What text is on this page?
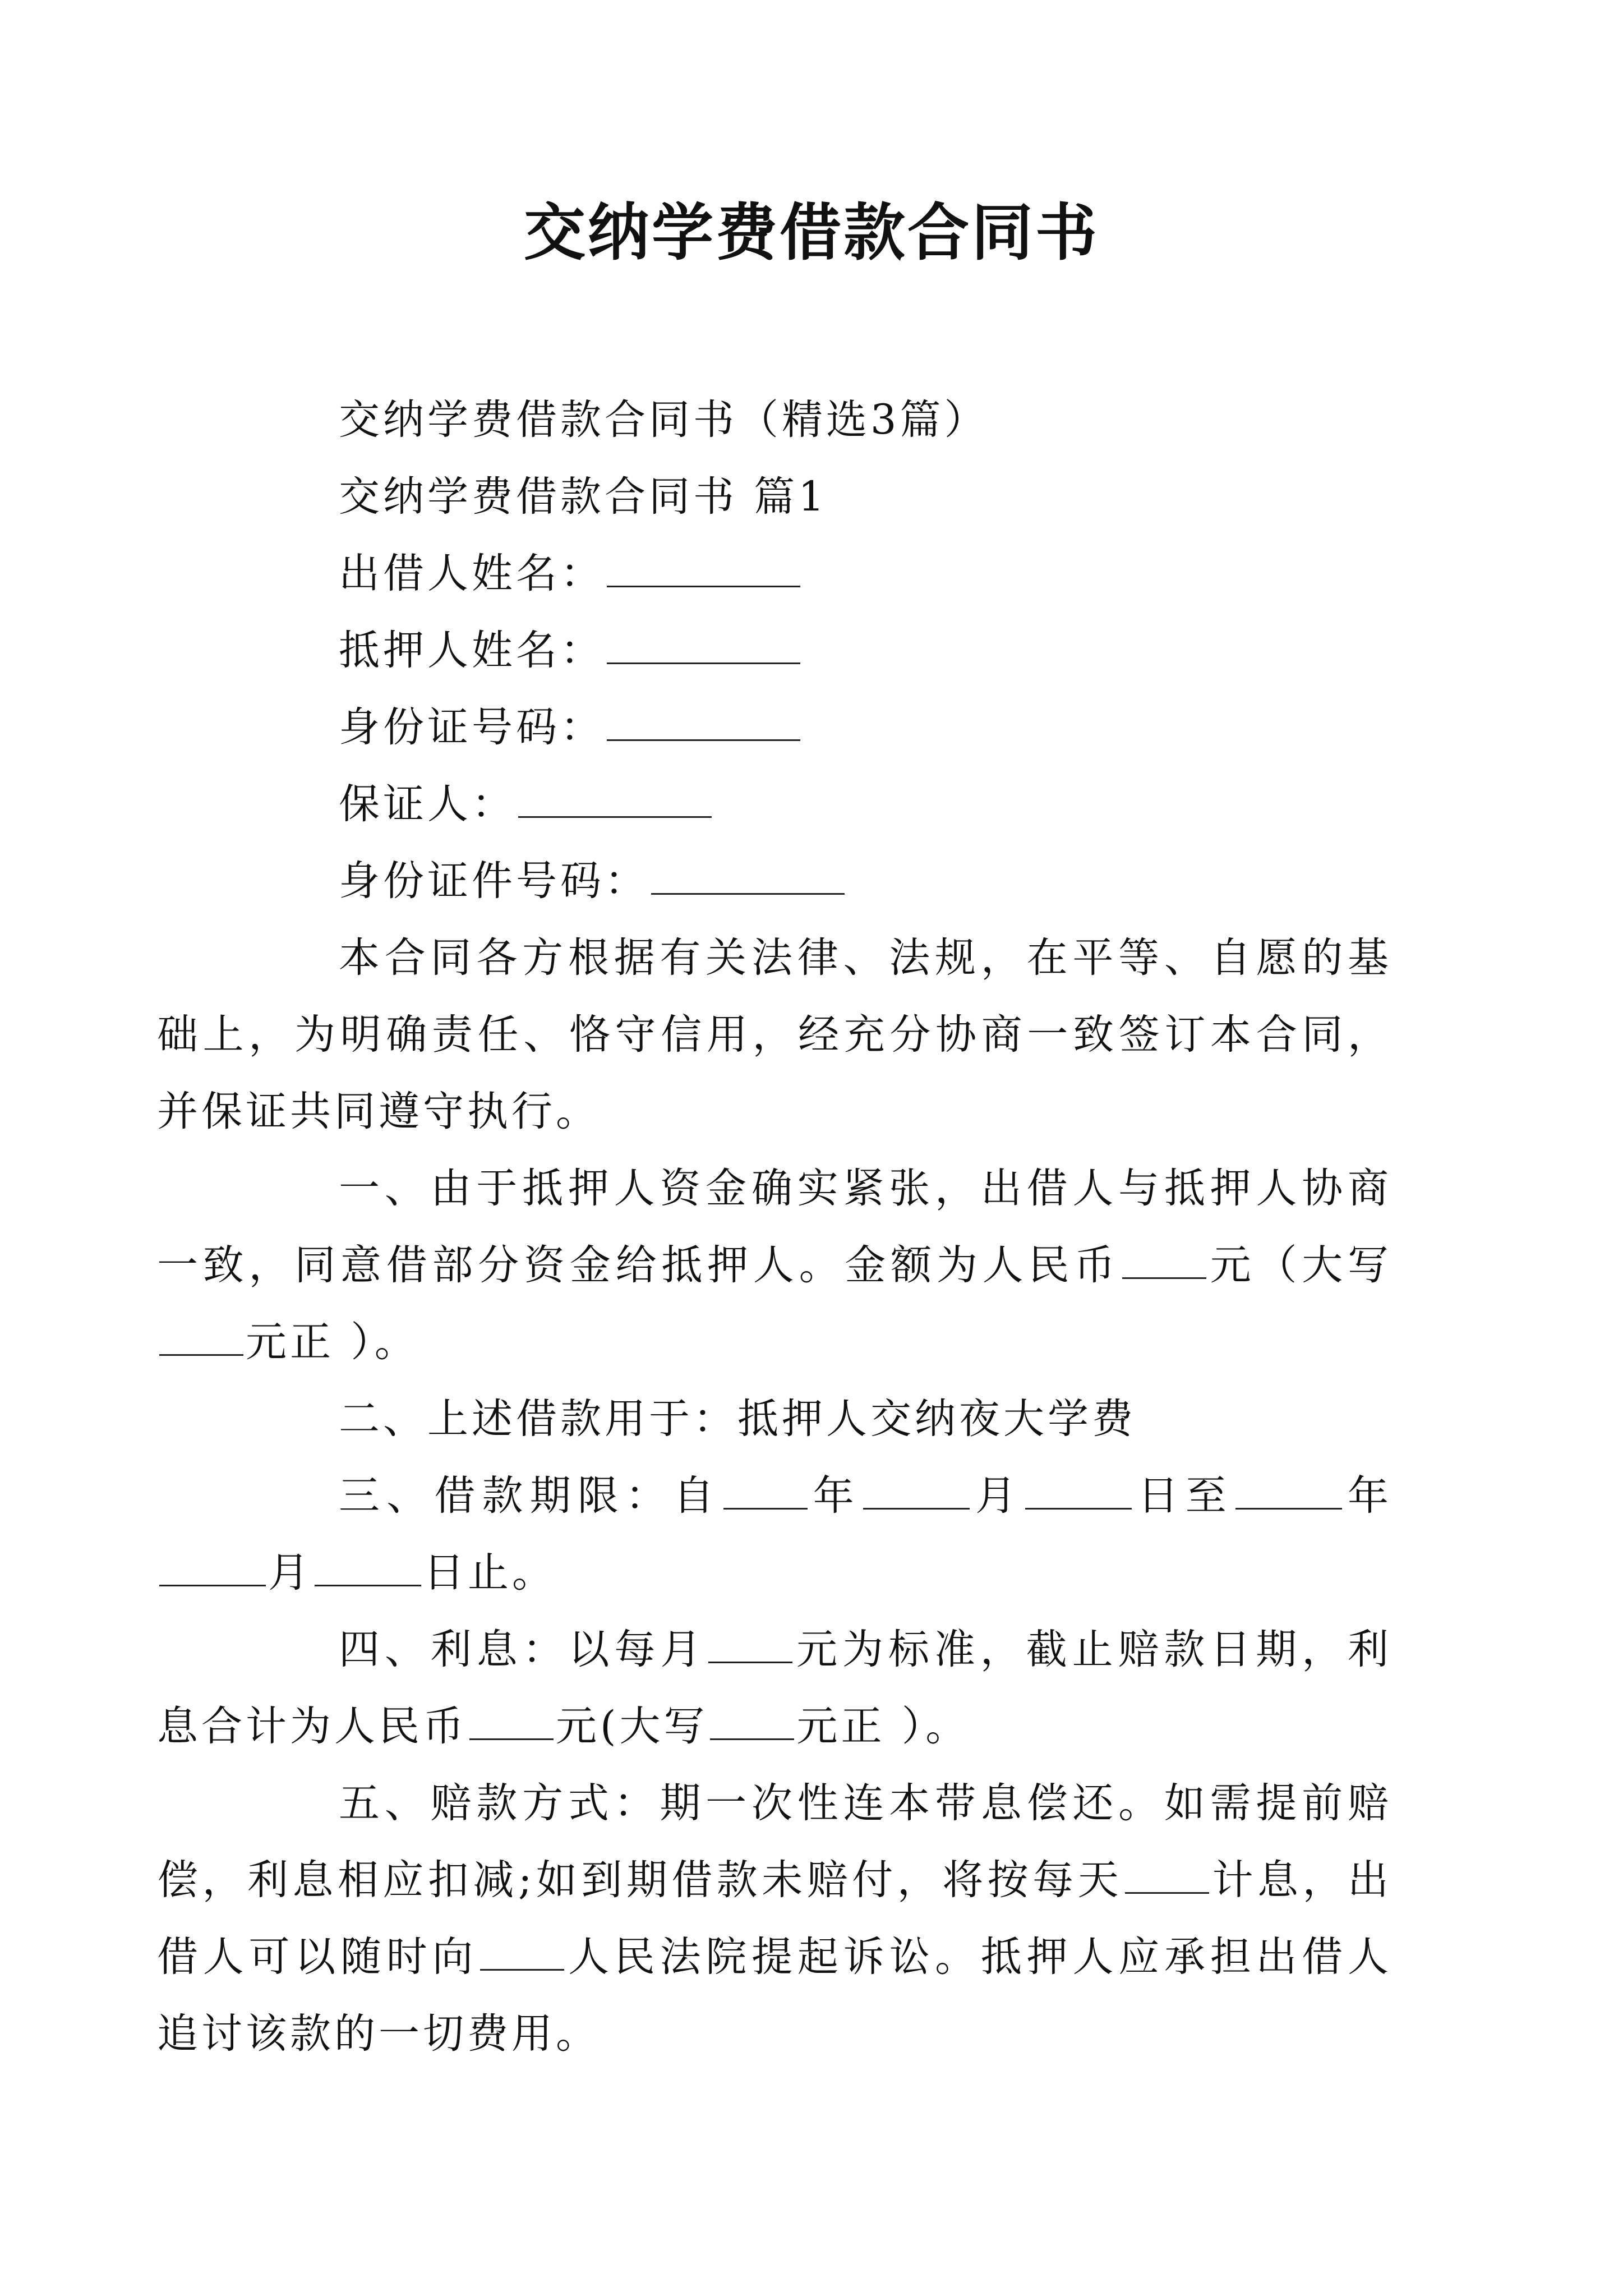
交纳学费借款合同书

交纳学费借款合同书（精选3篇）

交纳学费借款合同书 篇1

出借人姓名：

抵押人姓名：

身份证号码：

保证人：

身份证件号码：

本合同各方根据有关法律、法规，在平等、自愿的基础上，为明确责任、恪守信用，经充分协商一致签订本合同，并保证共同遵守执行。

一、由于抵押人资金确实紧张，出借人与抵押人协商一致，同意借部分资金给抵押人。金额为人民币 元（大写元正 ）。

二、上述借款用于：抵押人交纳夜大学费

三、借款期限：自 年	月	日至	年月	日止。

四、利息：以每月 元为标准，截止赔款日期，利息合计为人民币 元(大写 元正 ）。

五、赔款方式：期一次性连本带息偿还。如需提前赔偿，利息相应扣减;如到期借款未赔付，将按每天 计息，出借人可以随时向 人民法院提起诉讼。抵押人应承担出借人追讨该款的一切费用。
